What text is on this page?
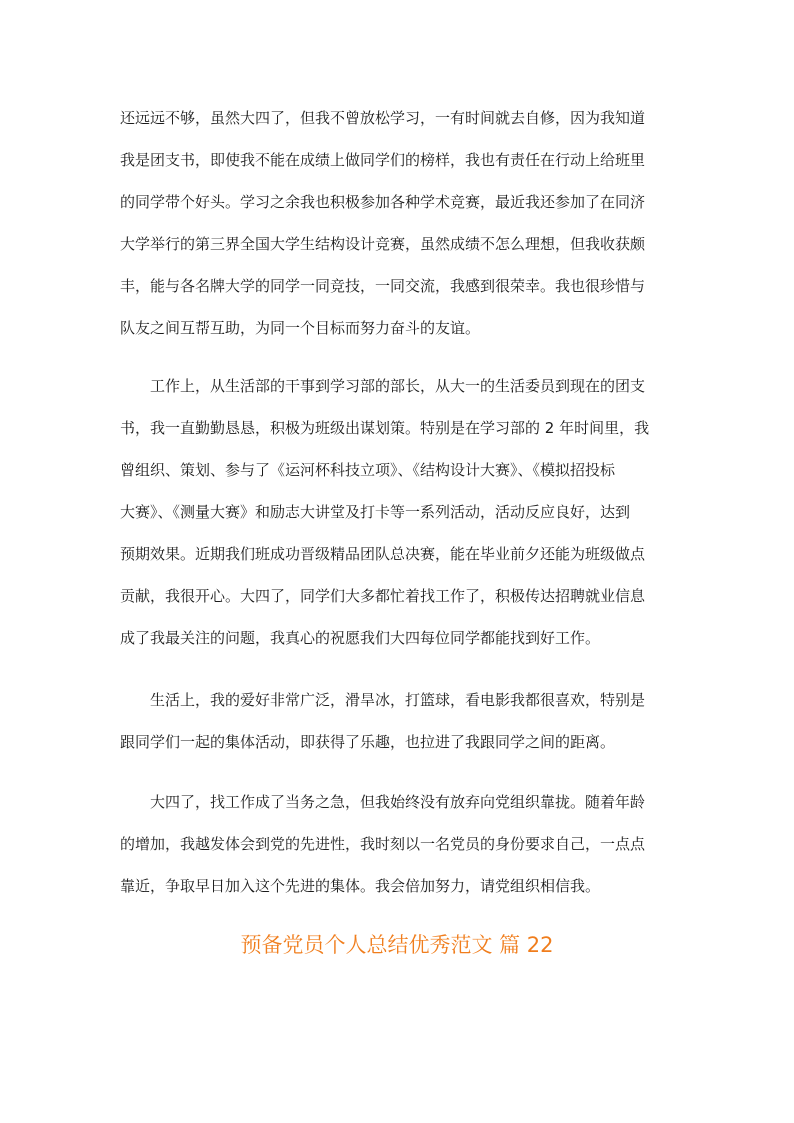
还远远不够，虽然大四了，但我不曾放松学习，一有时间就去自修，因为我知道
我是团支书，即使我不能在成绩上做同学们的榜样，我也有责任在行动上给班里
的同学带个好头。学习之余我也积极参加各种学术竞赛，最近我还参加了在同济
大学举行的第三界全国大学生结构设计竞赛，虽然成绩不怎么理想，但我收获颇
丰，能与各名牌大学的同学一同竞技，一同交流，我感到很荣幸。我也很珍惜与
队友之间互帮互助，为同一个目标而努力奋斗的友谊。
工作上，从生活部的干事到学习部的部长，从大一的生活委员到现在的团支
书，我一直勤勤恳恳，积极为班级出谋划策。特别是在学习部的 2 年时间里，我
曾组织、策划、参与了《运河杯科技立项》、《结构设计大赛》、《模拟招投标
大赛》、《测量大赛》和励志大讲堂及打卡等一系列活动，活动反应良好，达到
预期效果。近期我们班成功晋级精品团队总决赛，能在毕业前夕还能为班级做点
贡献，我很开心。大四了，同学们大多都忙着找工作了，积极传达招聘就业信息
成了我最关注的问题，我真心的祝愿我们大四每位同学都能找到好工作。
生活上，我的爱好非常广泛，滑旱冰，打篮球，看电影我都很喜欢，特别是
跟同学们一起的集体活动，即获得了乐趣，也拉进了我跟同学之间的距离。
大四了，找工作成了当务之急，但我始终没有放弃向党组织靠拢。随着年龄
的增加，我越发体会到党的先进性，我时刻以一名党员的身份要求自己，一点点
靠近，争取早日加入这个先进的集体。我会倍加努力，请党组织相信我。
预备党员个人总结优秀范文 篇 22
